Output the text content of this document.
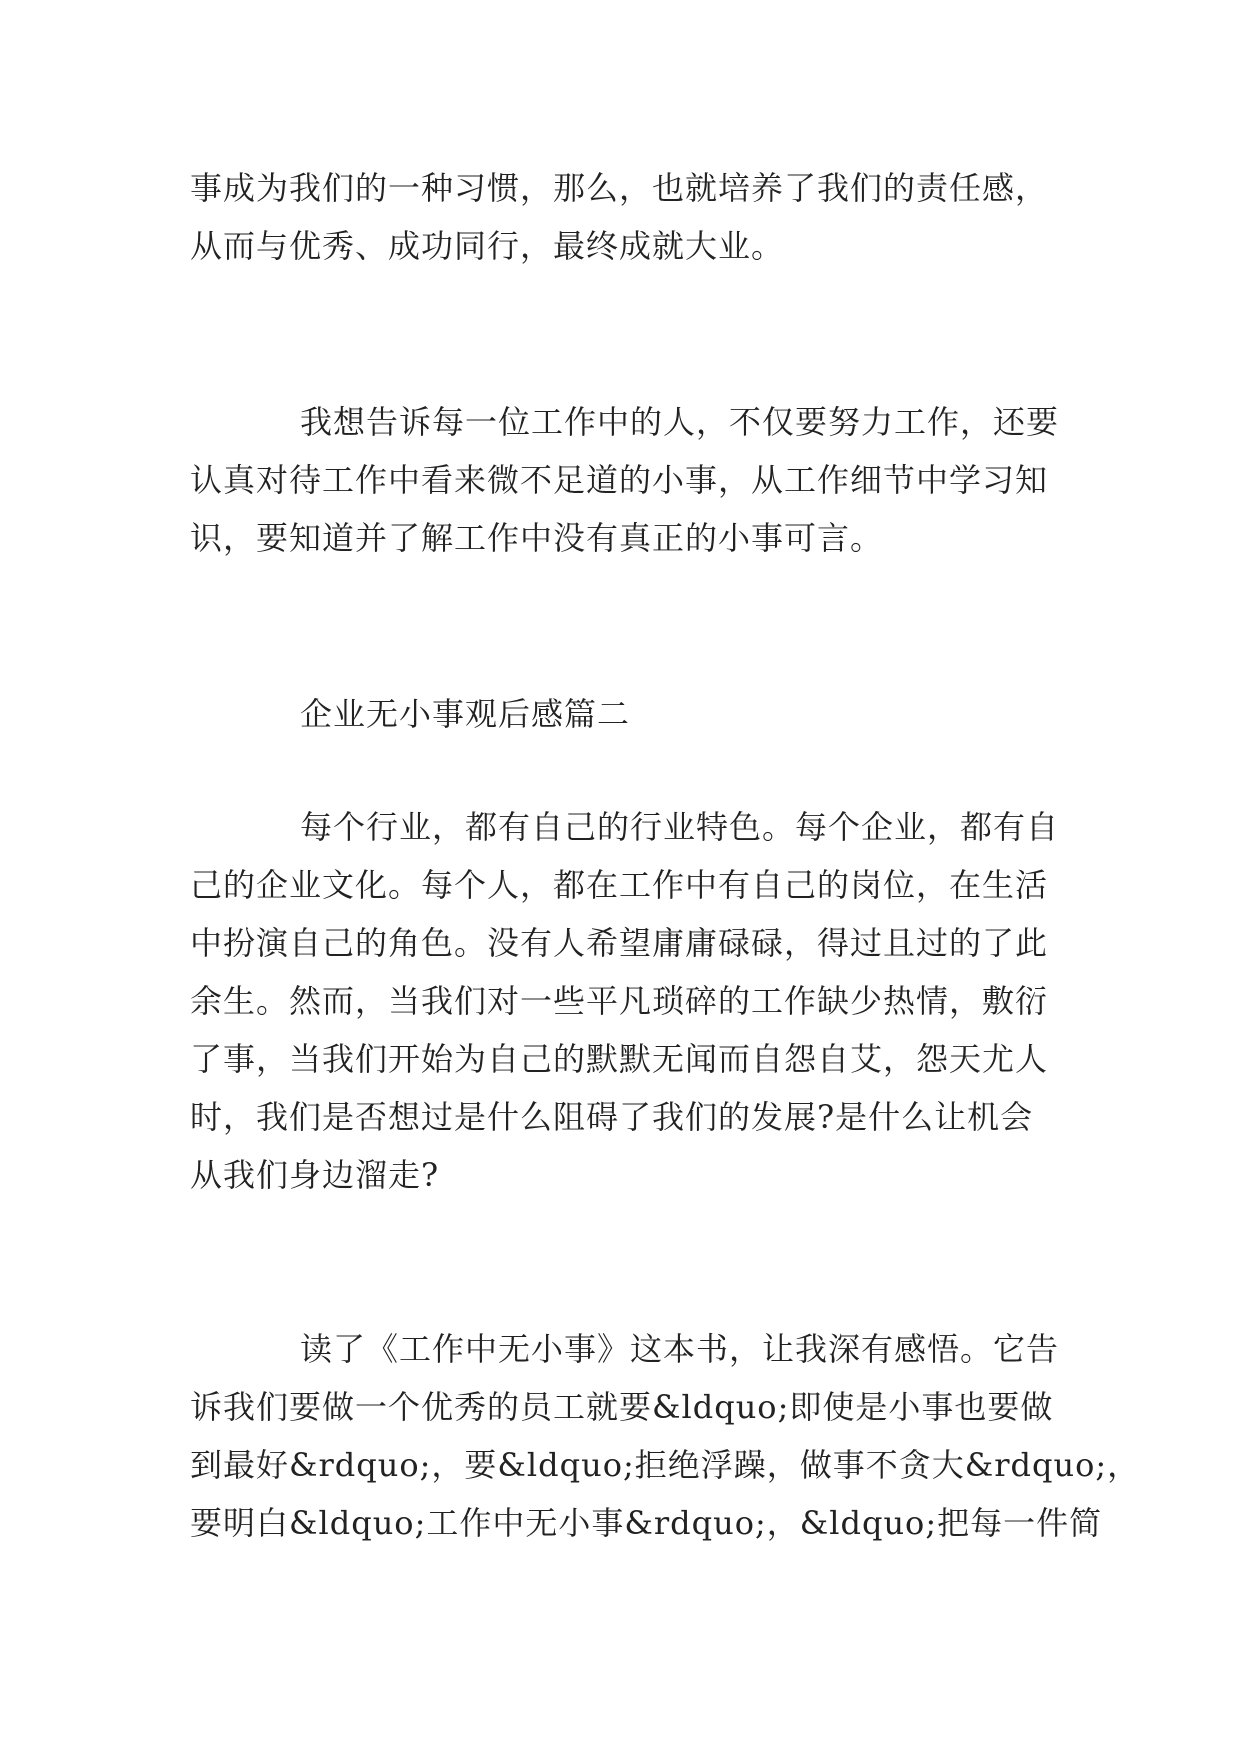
事成为我们的一种习惯，那么，也就培养了我们的责任感，
从而与优秀、成功同行，最终成就大业。
我想告诉每一位工作中的人，不仅要努力工作，还要
认真对待工作中看来微不足道的小事，从工作细节中学习知
识，要知道并了解工作中没有真正的小事可言。
企业无小事观后感篇二
每个行业，都有自己的行业特色。每个企业，都有自
己的企业文化。每个人，都在工作中有自己的岗位，在生活
中扮演自己的角色。没有人希望庸庸碌碌，得过且过的了此
余生。然而，当我们对一些平凡琐碎的工作缺少热情，敷衍
了事，当我们开始为自己的默默无闻而自怨自艾，怨天尤人
时，我们是否想过是什么阻碍了我们的发展?是什么让机会
从我们身边溜走?
读了《工作中无小事》这本书，让我深有感悟。它告
诉我们要做一个优秀的员工就要&ldquo;即使是小事也要做
到最好&rdquo;，要&ldquo;拒绝浮躁，做事不贪大&rdquo;，
要明白&ldquo;工作中无小事&rdquo;，&ldquo;把每一件简
